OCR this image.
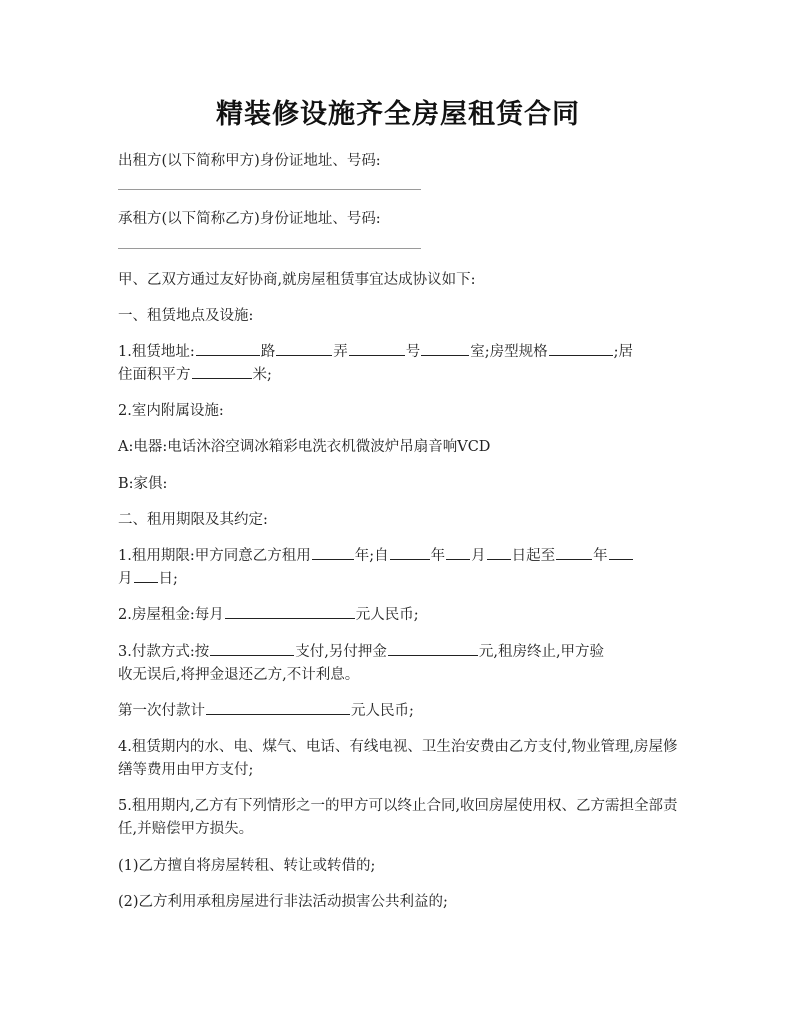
精装修设施齐全房屋租赁合同
出租方(以下简称甲方)身份证地址、号码:
承租方(以下简称乙方)身份证地址、号码:
甲、乙双方通过友好协商,就房屋租赁事宜达成协议如下:
一、租赁地点及设施:
1.租赁地址:	路	弄	号	室;房型规格	;居
住面积平方	米;
2.室内附属设施:
A:电器:电话沐浴空调冰箱彩电洗衣机微波炉吊扇音响VCD
B:家俱:
二、租用期限及其约定:
1.租用期限:甲方同意乙方租用	年;自	年 月 日起至	年
月 日;
2.房屋租金:每月	元人民币;
3.付款方式:按	支付,另付押金	元,租房终止,甲方验
收无误后,将押金退还乙方,不计利息。
第一次付款计	元人民币;
4.租赁期内的水、电、煤气、电话、有线电视、卫生治安费由乙方支付,物业管理,房屋修缮等费用由甲方支付;
5.租用期内,乙方有下列情形之一的甲方可以终止合同,收回房屋使用权、乙方需担全部责任,并赔偿甲方损失。
(1)乙方擅自将房屋转租、转让或转借的;
(2)乙方利用承租房屋进行非法活动损害公共利益的;
